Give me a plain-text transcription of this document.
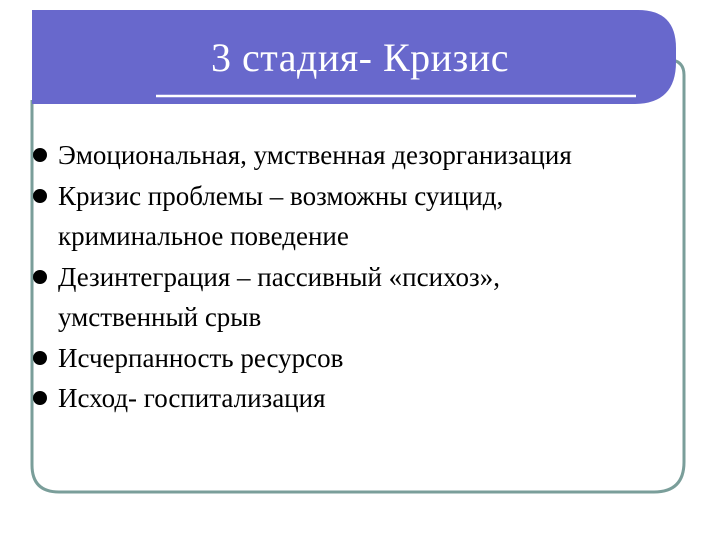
3 стадия- Кризис
Эмоциональная, умственная дезорганизация
Кризис проблемы – возможны суицид,
криминальное поведение
Дезинтеграция – пассивный «психоз»,
умственный срыв
Исчерпанность ресурсов
Исход- госпитализация
